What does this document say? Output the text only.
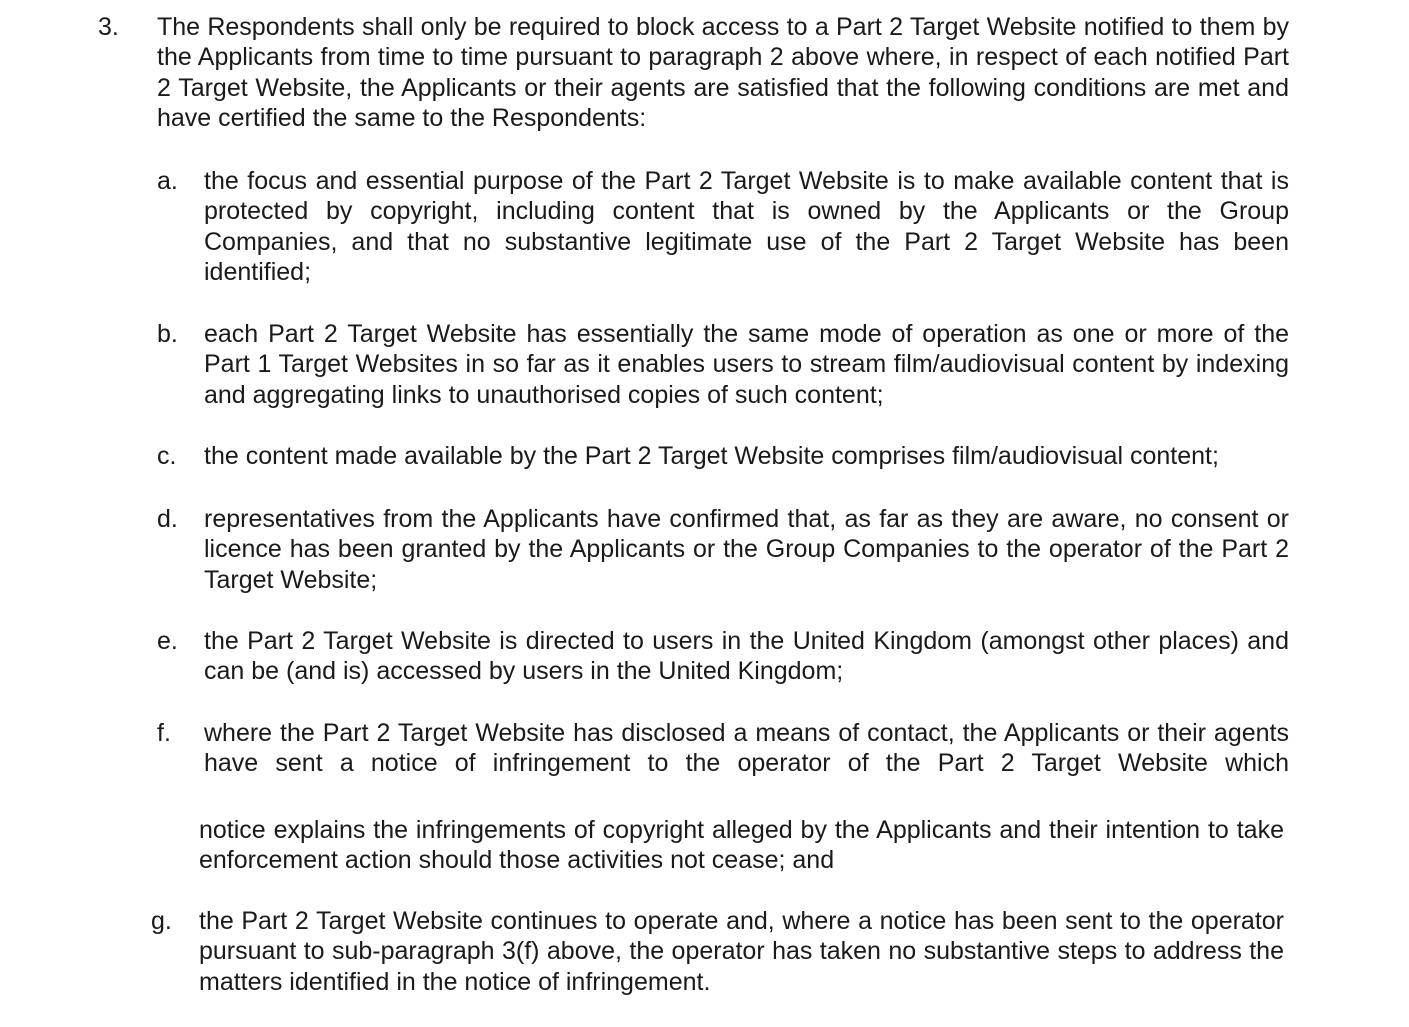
3. The Respondents shall only be required to block access to a Part 2 Target Website notified to them by the Applicants from time to time pursuant to paragraph 2 above where, in respect of each notified Part 2 Target Website, the Applicants or their agents are satisfied that the following conditions are met and have certified the same to the Respondents:

a. the focus and essential purpose of the Part 2 Target Website is to make available content that is protected by copyright, including content that is owned by the Applicants or the Group Companies, and that no substantive legitimate use of the Part 2 Target Website has been identified;

b. each Part 2 Target Website has essentially the same mode of operation as one or more of the Part 1 Target Websites in so far as it enables users to stream film/audiovisual content by indexing and aggregating links to unauthorised copies of such content;

c. the content made available by the Part 2 Target Website comprises film/audiovisual content;

d. representatives from the Applicants have confirmed that, as far as they are aware, no consent or licence has been granted by the Applicants or the Group Companies to the operator of the Part 2 Target Website;

e. the Part 2 Target Website is directed to users in the United Kingdom (amongst other places) and can be (and is) accessed by users in the United Kingdom;

f. where the Part 2 Target Website has disclosed a means of contact, the Applicants or their agents have sent a notice of infringement to the operator of the Part 2 Target Website which

notice explains the infringements of copyright alleged by the Applicants and their intention to take enforcement action should those activities not cease; and

g. the Part 2 Target Website continues to operate and, where a notice has been sent to the operator pursuant to sub-paragraph 3(f) above, the operator has taken no substantive steps to address the matters identified in the notice of infringement.
